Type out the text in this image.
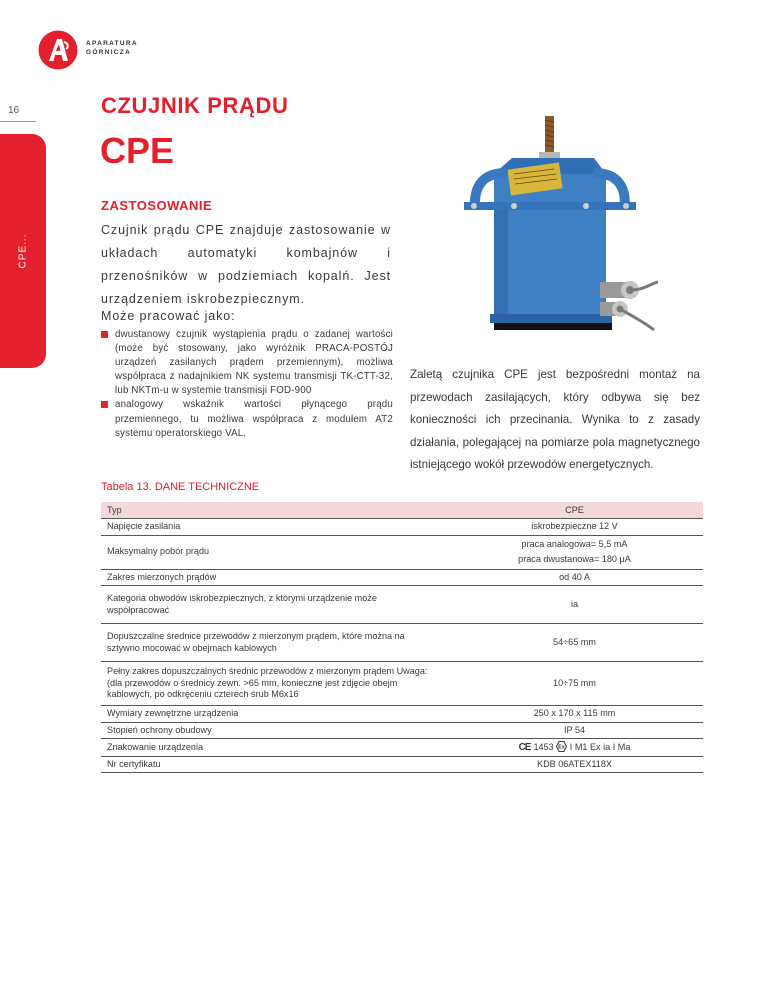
APARATURA
GÓRNICZA
16
CPE...
CZUJNIK PRĄDU
CPE
ZASTOSOWANIE
Czujnik prądu CPE znajduje zastosowanie w układach automatyki kombajnów i przenośników w podziemiach kopalń. Jest urządzeniem iskrobezpiecznym.
Może pracować jako:
dwustanowy czujnik wystąpienia prądu o zadanej wartości (może być stosowany, jako wyróżnik PRACA-POSTÓJ urządzeń zasilanych prądem przemiennym), możliwa współpraca z nadajnikiem NK systemu transmisji TK-CTT-32, lub NKTm-u w systemie transmisji FOD-900
analogowy wskaźnik wartości płynącego prądu przemiennego, tu możliwa współpraca z modułem AT2 systemu operatorskiego VAL.
Zaletą czujnika CPE jest bezpośredni montaż na przewodach zasilających, który odbywa się bez konieczności ich przecinania. Wynika to z zasady działania, polegającej na pomiarze pola magnetycznego istniejącego wokół przewodów energetycznych.
Tabela 13. DANE TECHNICZNE
Typ	CPE
Napięcie zasilania	iskrobezpieczne 12 V
Maksymalny pobór prądu	praca analogowa= 5,5 mA
praca dwustanowa= 180 μA

Zakres mierzonych prądów	od 40 A
Kategoria obwodów iskrobezpiecznych, z którymi urządzenie może współpracować	ia
Dopuszczalne średnice przewodów z mierzonym prądem, które można na sztywno mocować w obejmach kablowych	54÷65 mm
Pełny zakres dopuszczalnych średnic przewodów z mierzonym prądem Uwaga: (dla przewodów o średnicy zewn. >65 mm, konieczne jest zdjęcie obejm kablowych, po odkręceniu czterech śrub M6x16	10÷75 mm
Wymiary zewnętrzne urządzenia	250 x 170 x 115 mm
Stopień ochrony obudowy	IP 54
Znakowanie urządzenia	CE 1453 Ex I M1 Ex ia I Ma
Nr certyfikatu	KDB 06ATEX118X
